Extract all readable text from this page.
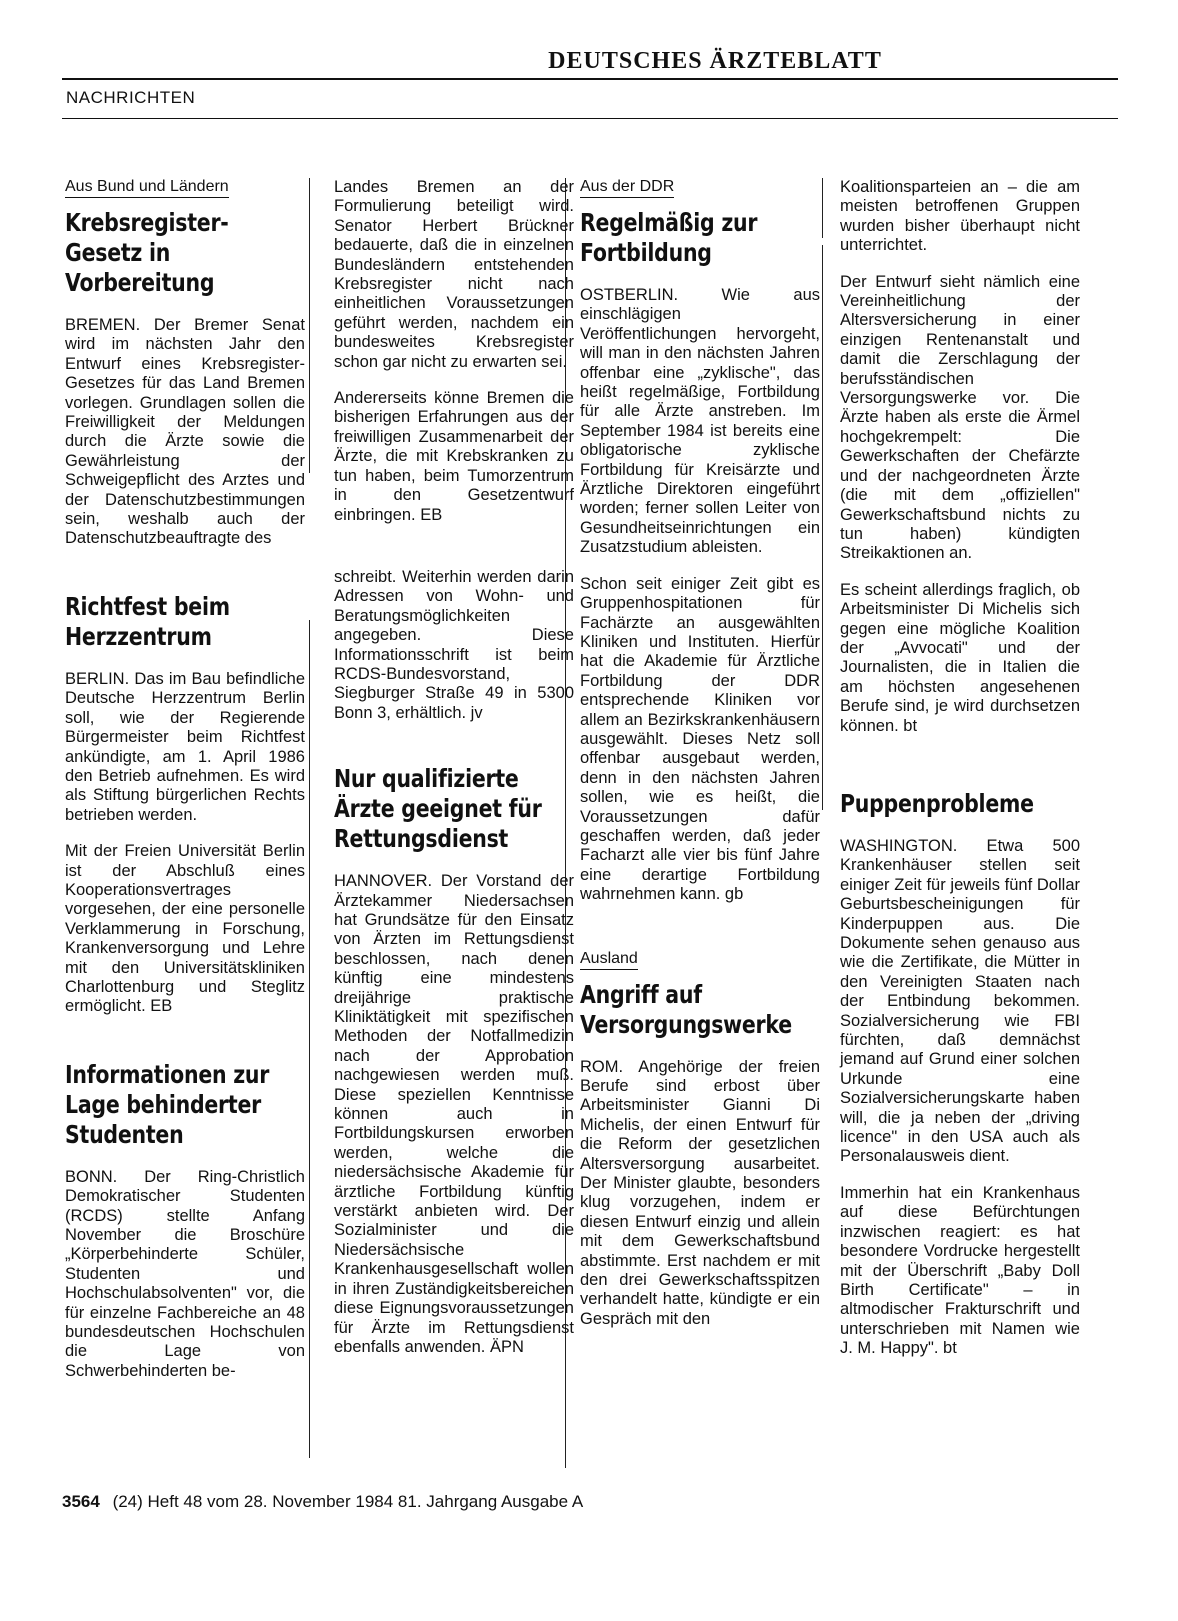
DEUTSCHES ÄRZTEBLATT
NACHRICHTEN
Aus Bund und Ländern
Krebsregister-Gesetz in Vorbereitung

BREMEN. Der Bremer Senat wird im nächsten Jahr den Entwurf eines Krebsregister-Gesetzes für das Land Bremen vorlegen. Grundlagen sollen die Freiwilligkeit der Meldungen durch die Ärzte sowie die Gewährleistung der Schweigepflicht des Arztes und der Datenschutzbestimmungen sein, weshalb auch der Datenschutzbeauftragte des

Richtfest beim Herzzentrum

BERLIN. Das im Bau befindliche Deutsche Herzzentrum Berlin soll, wie der Regierende Bürgermeister beim Richtfest ankündigte, am 1. April 1986 den Betrieb aufnehmen. Es wird als Stiftung bürgerlichen Rechts betrieben werden.

Mit der Freien Universität Berlin ist der Abschluß eines Kooperationsvertrages vorgesehen, der eine personelle Verklammerung in Forschung, Krankenversorgung und Lehre mit den Universitätskliniken Charlottenburg und Steglitz ermöglicht. EB

Informationen zur Lage behinderter Studenten

BONN. Der Ring-Christlich Demokratischer Studenten (RCDS) stellte Anfang November die Broschüre „Körperbehinderte Schüler, Studenten und Hochschulabsolventen" vor, die für einzelne Fachbereiche an 48 bundesdeutschen Hochschulen die Lage von Schwerbehinderten be-

Landes Bremen an der Formulierung beteiligt wird. Senator Herbert Brückner bedauerte, daß die in einzelnen Bundesländern entstehenden Krebsregister nicht nach einheitlichen Voraussetzungen geführt werden, nachdem ein bundesweites Krebsregister schon gar nicht zu erwarten sei.

Andererseits könne Bremen die bisherigen Erfahrungen aus der freiwilligen Zusammenarbeit der Ärzte, die mit Krebskranken zu tun haben, beim Tumorzentrum in den Gesetzentwurf einbringen. EB

schreibt. Weiterhin werden darin Adressen von Wohn- und Beratungsmöglichkeiten angegeben. Diese Informationsschrift ist beim RCDS-Bundesvorstand, Siegburger Straße 49 in 5300 Bonn 3, erhältlich. jv

Nur qualifizierte Ärzte geeignet für Rettungsdienst

HANNOVER. Der Vorstand der Ärztekammer Niedersachsen hat Grundsätze für den Einsatz von Ärzten im Rettungsdienst beschlossen, nach denen künftig eine mindestens dreijährige praktische Kliniktätigkeit mit spezifischen Methoden der Notfallmedizin nach der Approbation nachgewiesen werden muß. Diese speziellen Kenntnisse können auch in Fortbildungskursen erworben werden, welche die niedersächsische Akademie für ärztliche Fortbildung künftig verstärkt anbieten wird. Der Sozialminister und die Niedersächsische Krankenhausgesellschaft wollen in ihren Zuständigkeitsbereichen diese Eignungsvoraussetzungen für Ärzte im Rettungsdienst ebenfalls anwenden. ÄPN

Aus der DDR
Regelmäßig zur Fortbildung

OSTBERLIN. Wie aus einschlägigen Veröffentlichungen hervorgeht, will man in den nächsten Jahren offenbar eine „zyklische", das heißt regelmäßige, Fortbildung für alle Ärzte anstreben. Im September 1984 ist bereits eine obligatorische zyklische Fortbildung für Kreisärzte und Ärztliche Direktoren eingeführt worden; ferner sollen Leiter von Gesundheitseinrichtungen ein Zusatzstudium ableisten.

Schon seit einiger Zeit gibt es Gruppenhospitationen für Fachärzte an ausgewählten Kliniken und Instituten. Hierfür hat die Akademie für Ärztliche Fortbildung der DDR entsprechende Kliniken vor allem an Bezirkskrankenhäusern ausgewählt. Dieses Netz soll offenbar ausgebaut werden, denn in den nächsten Jahren sollen, wie es heißt, die Voraussetzungen dafür geschaffen werden, daß jeder Facharzt alle vier bis fünf Jahre eine derartige Fortbildung wahrnehmen kann. gb

Ausland
Angriff auf Versorgungswerke

ROM. Angehörige der freien Berufe sind erbost über Arbeitsminister Gianni Di Michelis, der einen Entwurf für die Reform der gesetzlichen Altersversorgung ausarbeitet. Der Minister glaubte, besonders klug vorzugehen, indem er diesen Entwurf einzig und allein mit dem Gewerkschaftsbund abstimmte. Erst nachdem er mit den drei Gewerkschaftsspitzen verhandelt hatte, kündigte er ein Gespräch mit den

Koalitionsparteien an – die am meisten betroffenen Gruppen wurden bisher überhaupt nicht unterrichtet.

Der Entwurf sieht nämlich eine Vereinheitlichung der Altersversicherung in einer einzigen Rentenanstalt und damit die Zerschlagung der berufsständischen Versorgungswerke vor. Die Ärzte haben als erste die Ärmel hochgekrempelt: Die Gewerkschaften der Chefärzte und der nachgeordneten Ärzte (die mit dem „offiziellen" Gewerkschaftsbund nichts zu tun haben) kündigten Streikaktionen an.

Es scheint allerdings fraglich, ob Arbeitsminister Di Michelis sich gegen eine mögliche Koalition der „Avvocati" und der Journalisten, die in Italien die am höchsten angesehenen Berufe sind, je wird durchsetzen können. bt

Puppenprobleme

WASHINGTON. Etwa 500 Krankenhäuser stellen seit einiger Zeit für jeweils fünf Dollar Geburtsbescheinigungen für Kinderpuppen aus. Die Dokumente sehen genauso aus wie die Zertifikate, die Mütter in den Vereinigten Staaten nach der Entbindung bekommen. Sozialversicherung wie FBI fürchten, daß demnächst jemand auf Grund einer solchen Urkunde eine Sozialversicherungskarte haben will, die ja neben der „driving licence" in den USA auch als Personalausweis dient.

Immerhin hat ein Krankenhaus auf diese Befürchtungen inzwischen reagiert: es hat besondere Vordrucke hergestellt mit der Überschrift „Baby Doll Birth Certificate" – in altmodischer Frakturschrift und unterschrieben mit Namen wie J. M. Happy". bt

3564 (24) Heft 48 vom 28. November 1984 81. Jahrgang Ausgabe A
